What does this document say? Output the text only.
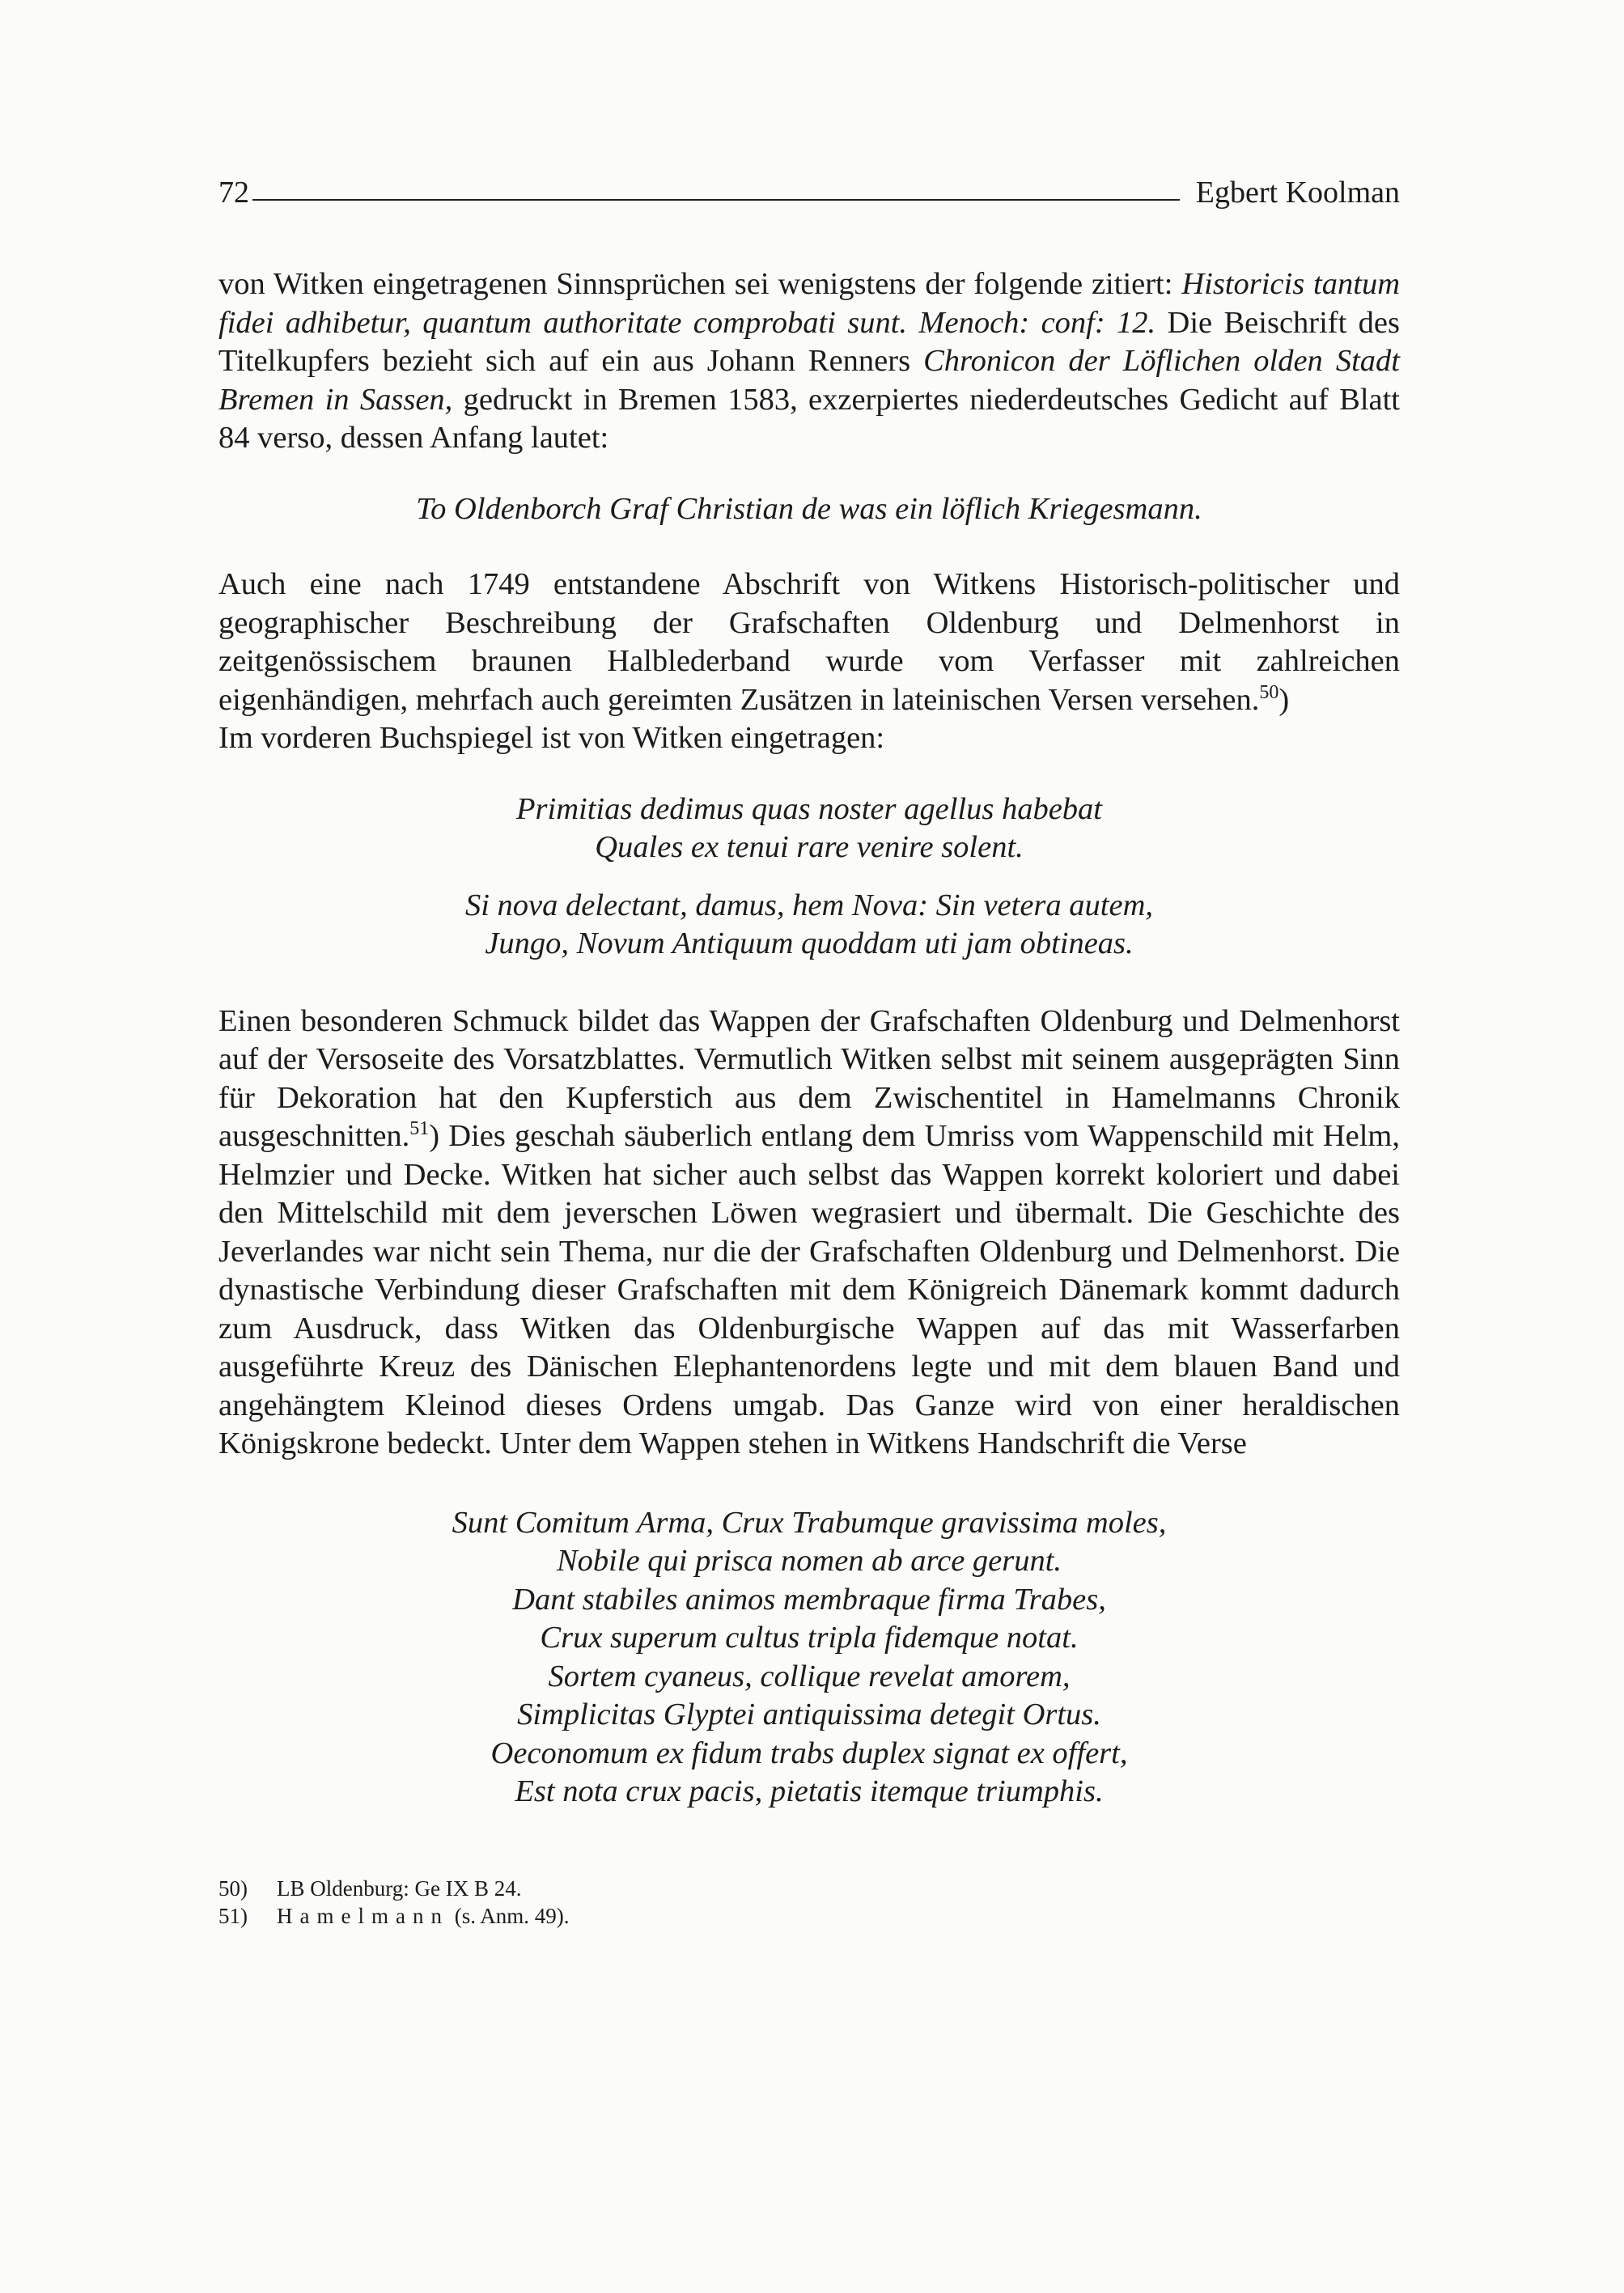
72	Egbert Koolman

von Witken eingetragenen Sinnsprüchen sei wenigstens der folgende zitiert: Historicis tantum fidei adhibetur, quantum authoritate comprobati sunt. Menoch: conf: 12. Die Beischrift des Titelkupfers bezieht sich auf ein aus Johann Renners Chronicon der Löflichen olden Stadt Bremen in Sassen, gedruckt in Bremen 1583, exzerpiertes niederdeutsches Gedicht auf Blatt 84 verso, dessen Anfang lautet:

To Oldenborch Graf Christian de was ein löflich Kriegesmann.

Auch eine nach 1749 entstandene Abschrift von Witkens Historisch-politischer und geographischer Beschreibung der Grafschaften Oldenburg und Delmenhorst in zeitgenössischem braunen Halblederband wurde vom Verfasser mit zahlreichen eigenhändigen, mehrfach auch gereimten Zusätzen in lateinischen Versen versehen.$^{50}$)
Im vorderen Buchspiegel ist von Witken eingetragen:

Primitias dedimus quas noster agellus habebat

Quales ex tenui rare venire solent.

Si nova delectant, damus, hem Nova: Sin vetera autem,

Jungo, Novum Antiquum quoddam uti jam obtineas.

Einen besonderen Schmuck bildet das Wappen der Grafschaften Oldenburg und Delmenhorst auf der Versoseite des Vorsatzblattes. Vermutlich Witken selbst mit seinem ausgeprägten Sinn für Dekoration hat den Kupferstich aus dem Zwischentitel in Hamelmanns Chronik ausgeschnitten.$^{51}$) Dies geschah säuberlich entlang dem Umriss vom Wappenschild mit Helm, Helmzier und Decke. Witken hat sicher auch selbst das Wappen korrekt koloriert und dabei den Mittelschild mit dem jeverschen Löwen wegrasiert und übermalt. Die Geschichte des Jeverlandes war nicht sein Thema, nur die der Grafschaften Oldenburg und Delmenhorst. Die dynastische Verbindung dieser Grafschaften mit dem Königreich Dänemark kommt dadurch zum Ausdruck, dass Witken das Oldenburgische Wappen auf das mit Wasserfarben ausgeführte Kreuz des Dänischen Elephantenordens legte und mit dem blauen Band und angehängtem Kleinod dieses Ordens umgab. Das Ganze wird von einer heraldischen Königskrone bedeckt. Unter dem Wappen stehen in Witkens Handschrift die Verse

Sunt Comitum Arma, Crux Trabumque gravissima moles,

Nobile qui prisca nomen ab arce gerunt.

Dant stabiles animos membraque firma Trabes,

Crux superum cultus tripla fidemque notat.

Sortem cyaneus, collique revelat amorem,

Simplicitas Glyptei antiquissima detegit Ortus.

Oeconomum ex fidum trabs duplex signat ex offert,

Est nota crux pacis, pietatis itemque triumphis.

50)	LB Oldenburg: Ge IX B 24.
51)	Hamelmann (s. Anm. 49).
